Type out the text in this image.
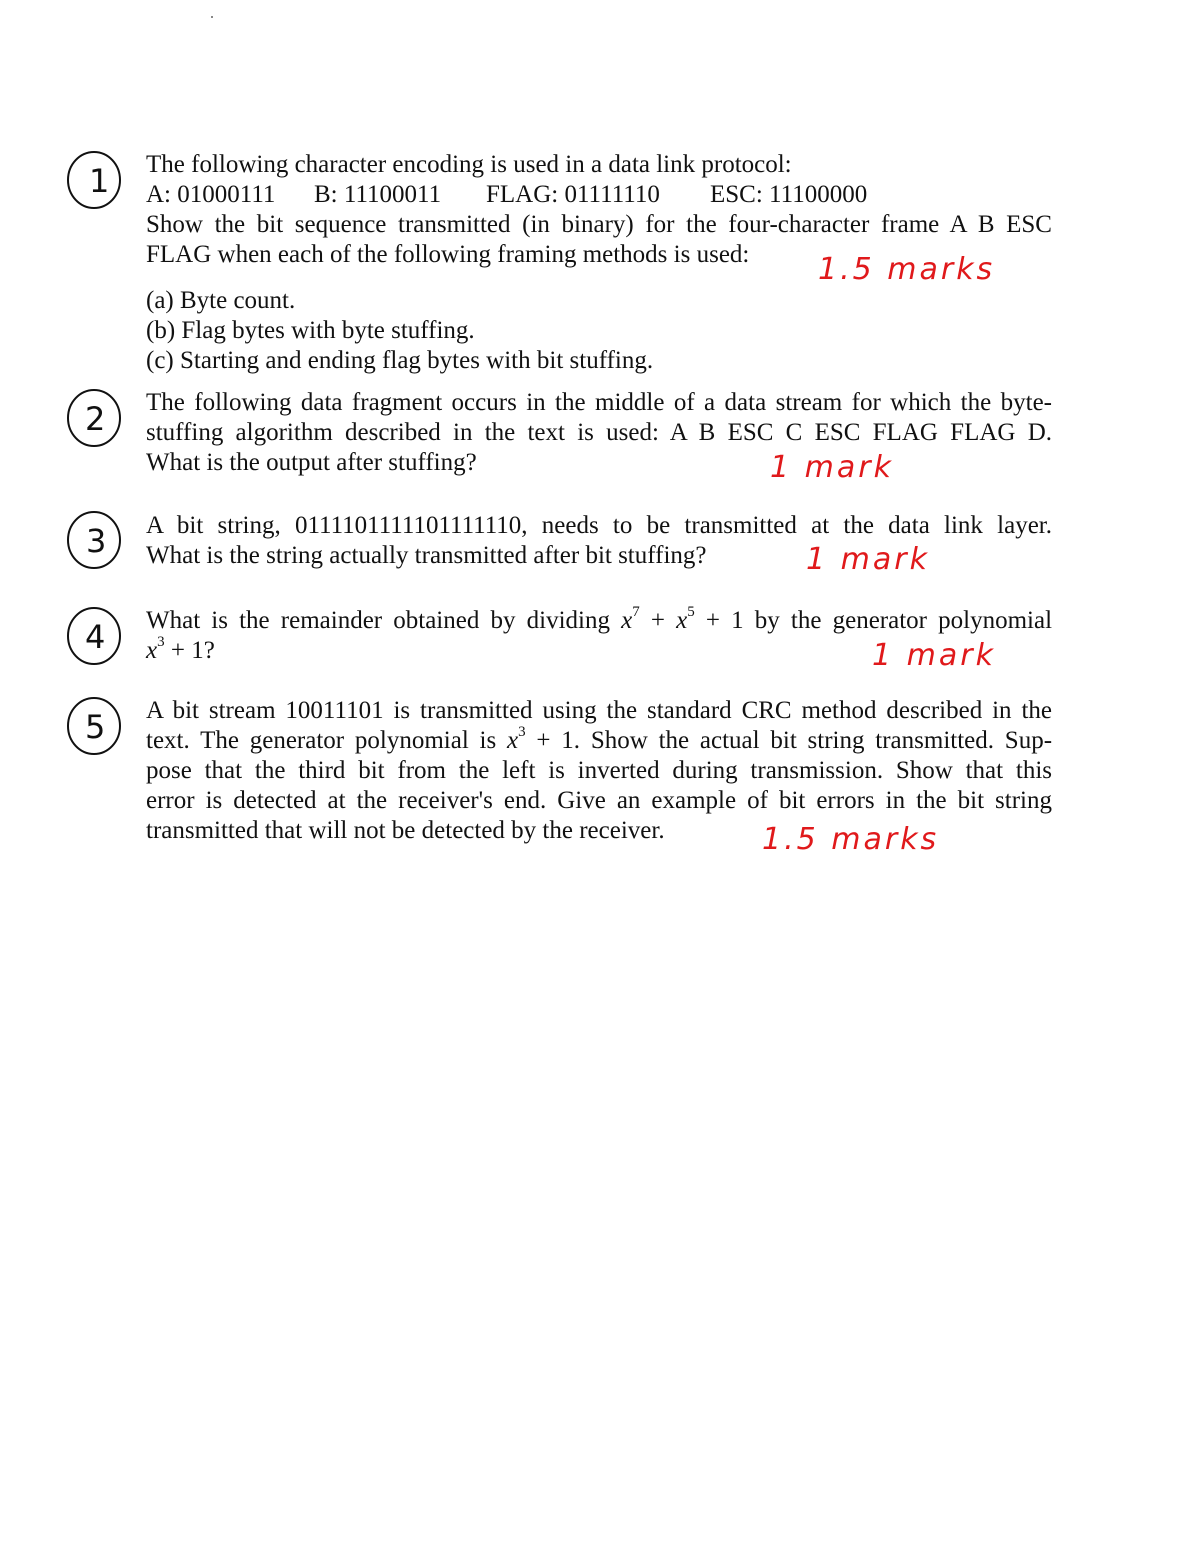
1 The following character encoding is used in a data link protocol:
A: 01000111 B: 11100011 FLAG: 01111110 ESC: 11100000
Show the bit sequence transmitted (in binary) for the four-character frame A B ESC
FLAG when each of the following framing methods is used:
(a) Byte count.
(b) Flag bytes with byte stuffing.
(c) Starting and ending flag bytes with bit stuffing.
1.5 marks
2 The following data fragment occurs in the middle of a data stream for which the byte-
stuffing algorithm described in the text is used: A B ESC C ESC FLAG FLAG D.
What is the output after stuffing?	1 mark
3 A bit string, 0111101111101111110, needs to be transmitted at the data link layer.
What is the string actually transmitted after bit stuffing?	1 mark
4 What is the remainder obtained by dividing $x^7 + x^5 + 1$ by the generator polynomial
$x^3 + 1$?	1 mark
5 A bit stream 10011101 is transmitted using the standard CRC method described in the
text. The generator polynomial is $x^3 + 1$. Show the actual bit string transmitted. Sup-
pose that the third bit from the left is inverted during transmission. Show that this
error is detected at the receiver's end. Give an example of bit errors in the bit string
transmitted that will not be detected by the receiver.	1.5 marks
